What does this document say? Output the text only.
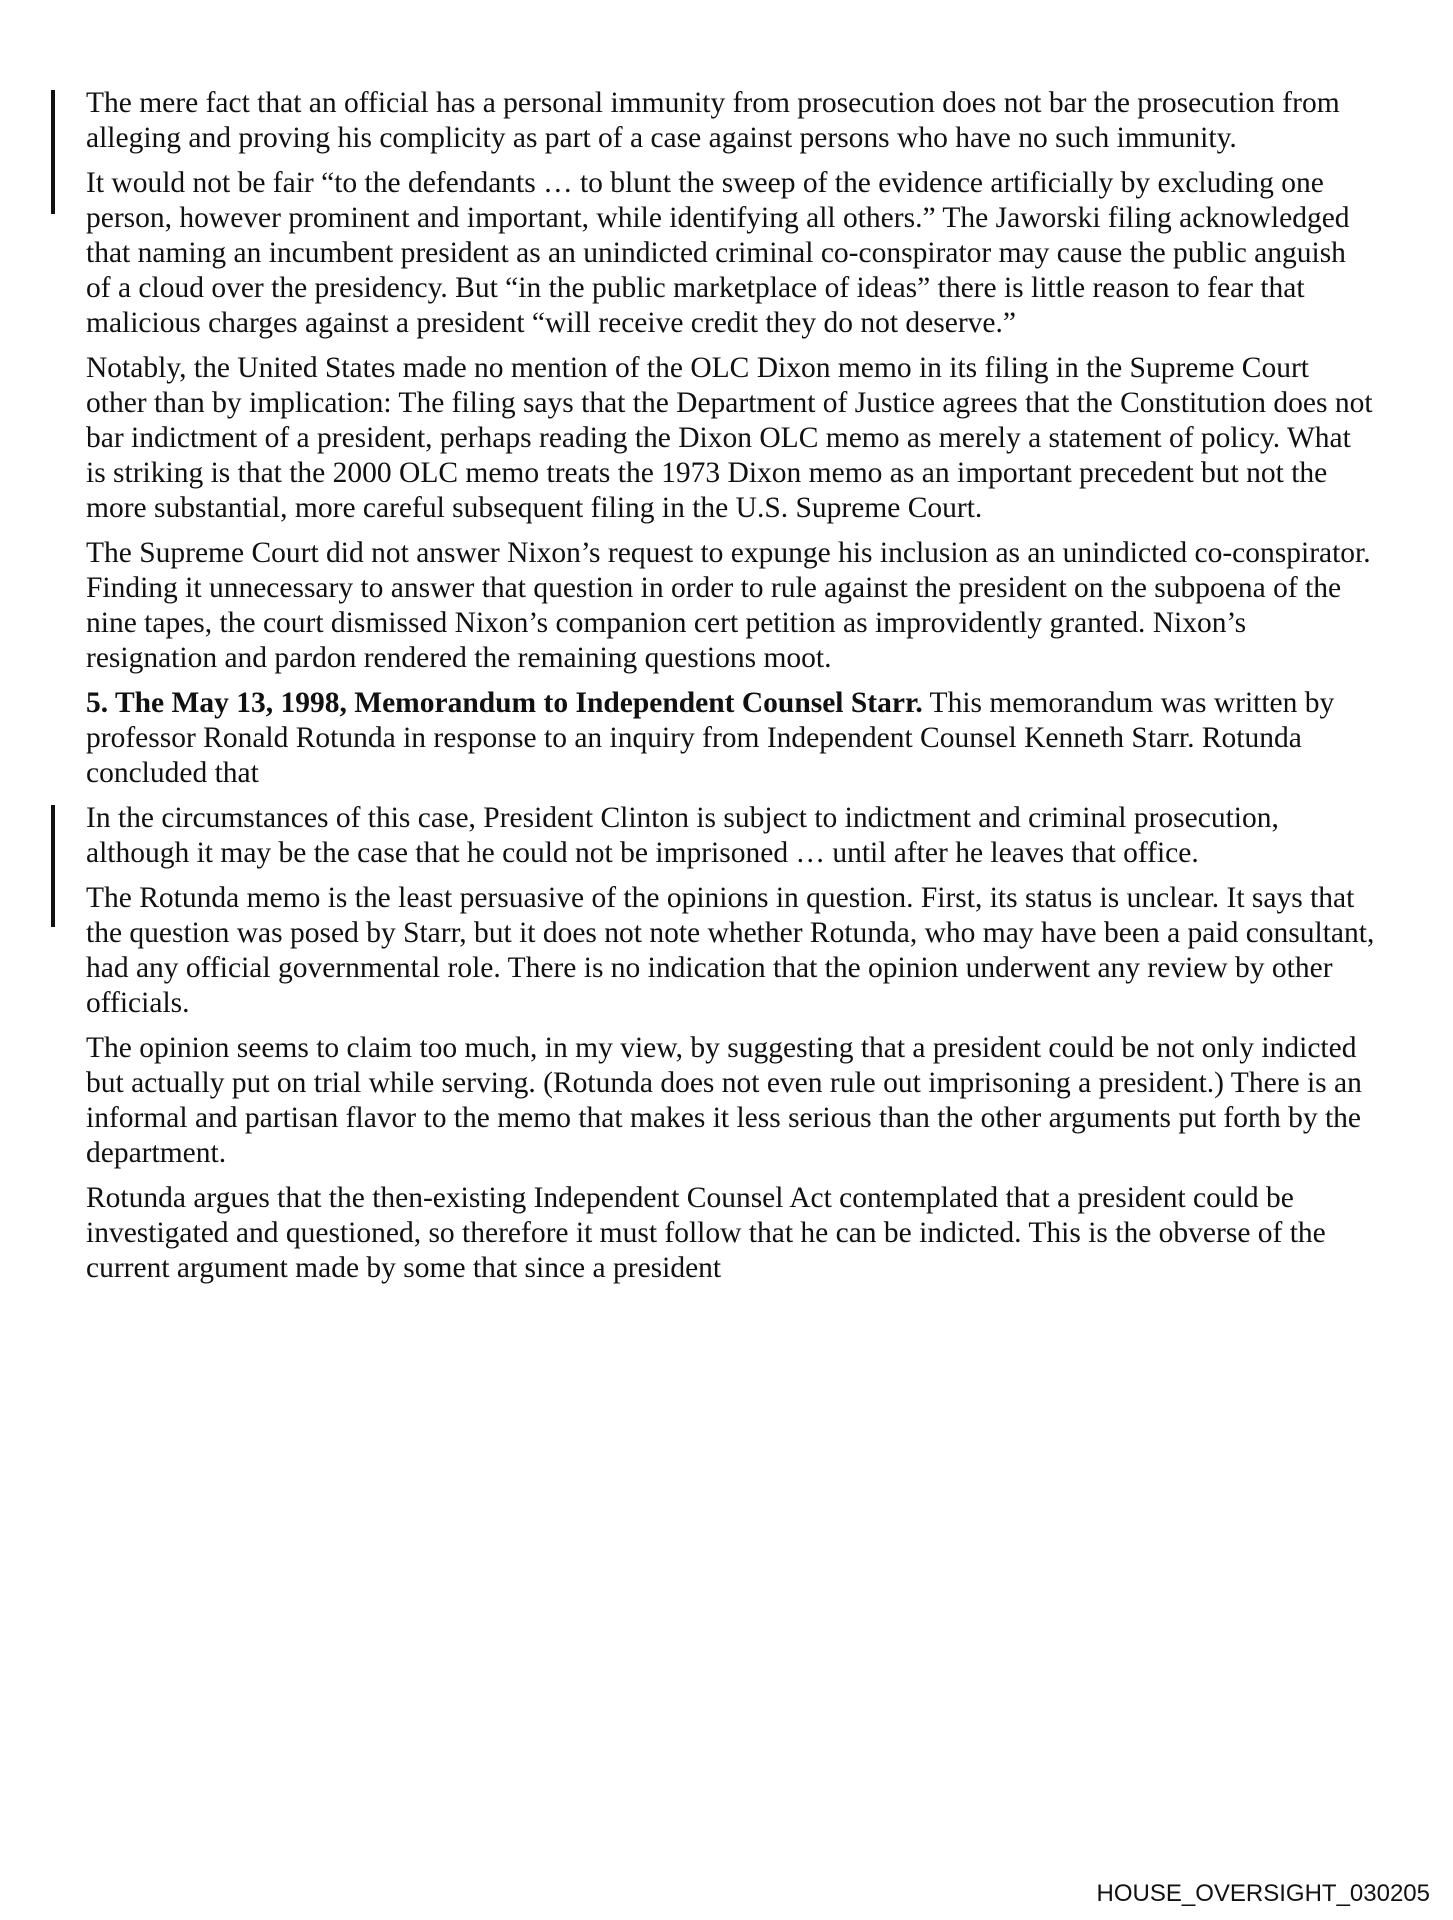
The mere fact that an official has a personal immunity from prosecution does not bar the prosecution from alleging and proving his complicity as part of a case against persons who have no such immunity.

It would not be fair “to the defendants … to blunt the sweep of the evidence artificially by excluding one person, however prominent and important, while identifying all others.” The Jaworski filing acknowledged that naming an incumbent president as an unindicted criminal co-conspirator may cause the public anguish of a cloud over the presidency. But “in the public marketplace of ideas” there is little reason to fear that malicious charges against a president “will receive credit they do not deserve.”

Notably, the United States made no mention of the OLC Dixon memo in its filing in the Supreme Court other than by implication: The filing says that the Department of Justice agrees that the Constitution does not bar indictment of a president, perhaps reading the Dixon OLC memo as merely a statement of policy. What is striking is that the 2000 OLC memo treats the 1973 Dixon memo as an important precedent but not the more substantial, more careful subsequent filing in the U.S. Supreme Court.

The Supreme Court did not answer Nixon’s request to expunge his inclusion as an unindicted co-conspirator. Finding it unnecessary to answer that question in order to rule against the president on the subpoena of the nine tapes, the court dismissed Nixon’s companion cert petition as improvidently granted. Nixon’s resignation and pardon rendered the remaining questions moot.

5. The May 13, 1998, Memorandum to Independent Counsel Starr. This memorandum was written by professor Ronald Rotunda in response to an inquiry from Independent Counsel Kenneth Starr. Rotunda concluded that

In the circumstances of this case, President Clinton is subject to indictment and criminal prosecution, although it may be the case that he could not be imprisoned … until after he leaves that office.

The Rotunda memo is the least persuasive of the opinions in question. First, its status is unclear. It says that the question was posed by Starr, but it does not note whether Rotunda, who may have been a paid consultant, had any official governmental role. There is no indication that the opinion underwent any review by other officials.

The opinion seems to claim too much, in my view, by suggesting that a president could be not only indicted but actually put on trial while serving. (Rotunda does not even rule out imprisoning a president.) There is an informal and partisan flavor to the memo that makes it less serious than the other arguments put forth by the department.

Rotunda argues that the then-existing Independent Counsel Act contemplated that a president could be investigated and questioned, so therefore it must follow that he can be indicted. This is the obverse of the current argument made by some that since a president

HOUSE_OVERSIGHT_030205
